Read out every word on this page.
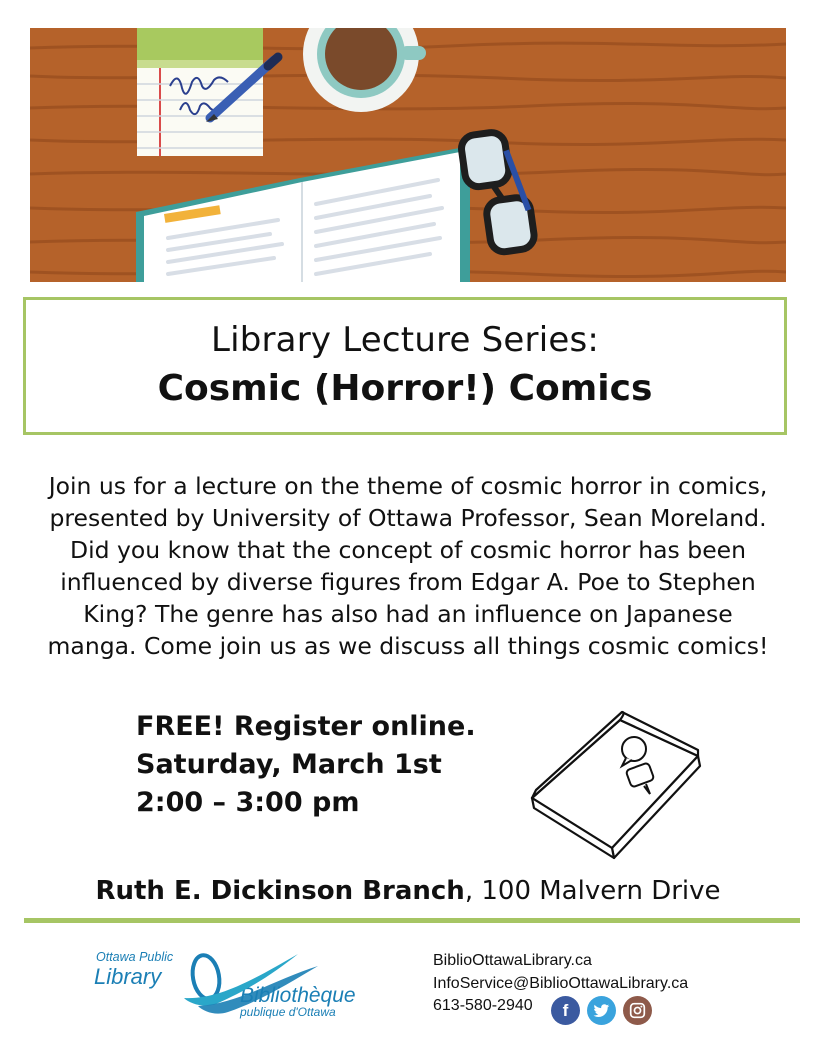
Library Lecture Series:
Cosmic (Horror!) Comics

Join us for a lecture on the theme of cosmic horror in comics,
presented by University of Ottawa Professor, Sean Moreland.
Did you know that the concept of cosmic horror has been
influenced by diverse figures from Edgar A. Poe to Stephen
King? The genre has also had an influence on Japanese
manga. Come join us as we discuss all things cosmic comics!

FREE! Register online.
Saturday, March 1st
2:00 – 3:00 pm
Ruth E. Dickinson Branch, 100 Malvern Drive
Ottawa Public
Library
Bibliothèque
publique d'Ottawa
BiblioOttawaLibrary.ca
InfoService@BiblioOttawaLibrary.ca
613-580-2940	f
